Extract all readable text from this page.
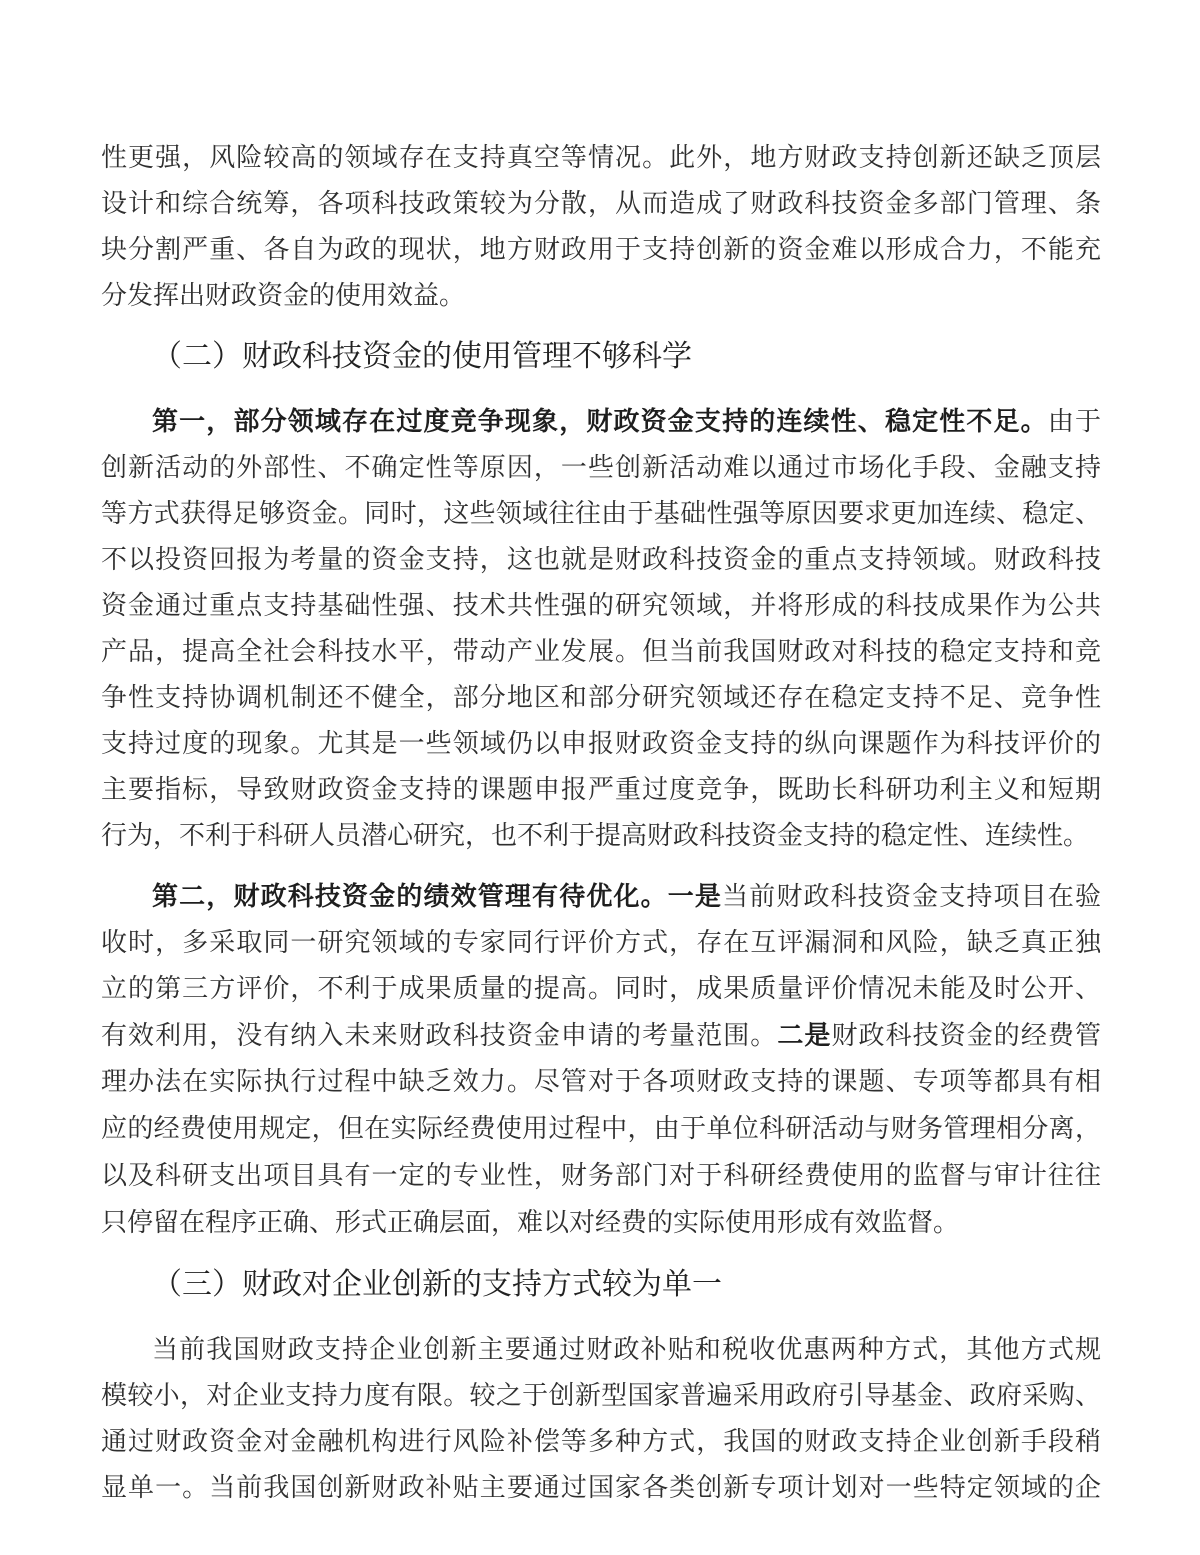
性更强，风险较高的领域存在支持真空等情况。此外，地方财政支持创新还缺乏顶层
设计和综合统筹，各项科技政策较为分散，从而造成了财政科技资金多部门管理、条
块分割严重、各自为政的现状，地方财政用于支持创新的资金难以形成合力，不能充
分发挥出财政资金的使用效益。
（二）财政科技资金的使用管理不够科学
第一，部分领域存在过度竞争现象，财政资金支持的连续性、稳定性不足。由于
创新活动的外部性、不确定性等原因，一些创新活动难以通过市场化手段、金融支持
等方式获得足够资金。同时，这些领域往往由于基础性强等原因要求更加连续、稳定、
不以投资回报为考量的资金支持，这也就是财政科技资金的重点支持领域。财政科技
资金通过重点支持基础性强、技术共性强的研究领域，并将形成的科技成果作为公共
产品，提高全社会科技水平，带动产业发展。但当前我国财政对科技的稳定支持和竞
争性支持协调机制还不健全，部分地区和部分研究领域还存在稳定支持不足、竞争性
支持过度的现象。尤其是一些领域仍以申报财政资金支持的纵向课题作为科技评价的
主要指标，导致财政资金支持的课题申报严重过度竞争，既助长科研功利主义和短期
行为，不利于科研人员潜心研究，也不利于提高财政科技资金支持的稳定性、连续性。
第二，财政科技资金的绩效管理有待优化。一是当前财政科技资金支持项目在验
收时，多采取同一研究领域的专家同行评价方式，存在互评漏洞和风险，缺乏真正独
立的第三方评价，不利于成果质量的提高。同时，成果质量评价情况未能及时公开、
有效利用，没有纳入未来财政科技资金申请的考量范围。二是财政科技资金的经费管
理办法在实际执行过程中缺乏效力。尽管对于各项财政支持的课题、专项等都具有相
应的经费使用规定，但在实际经费使用过程中，由于单位科研活动与财务管理相分离，
以及科研支出项目具有一定的专业性，财务部门对于科研经费使用的监督与审计往往
只停留在程序正确、形式正确层面，难以对经费的实际使用形成有效监督。
（三）财政对企业创新的支持方式较为单一
当前我国财政支持企业创新主要通过财政补贴和税收优惠两种方式，其他方式规
模较小，对企业支持力度有限。较之于创新型国家普遍采用政府引导基金、政府采购、
通过财政资金对金融机构进行风险补偿等多种方式，我国的财政支持企业创新手段稍
显单一。当前我国创新财政补贴主要通过国家各类创新专项计划对一些特定领域的企
